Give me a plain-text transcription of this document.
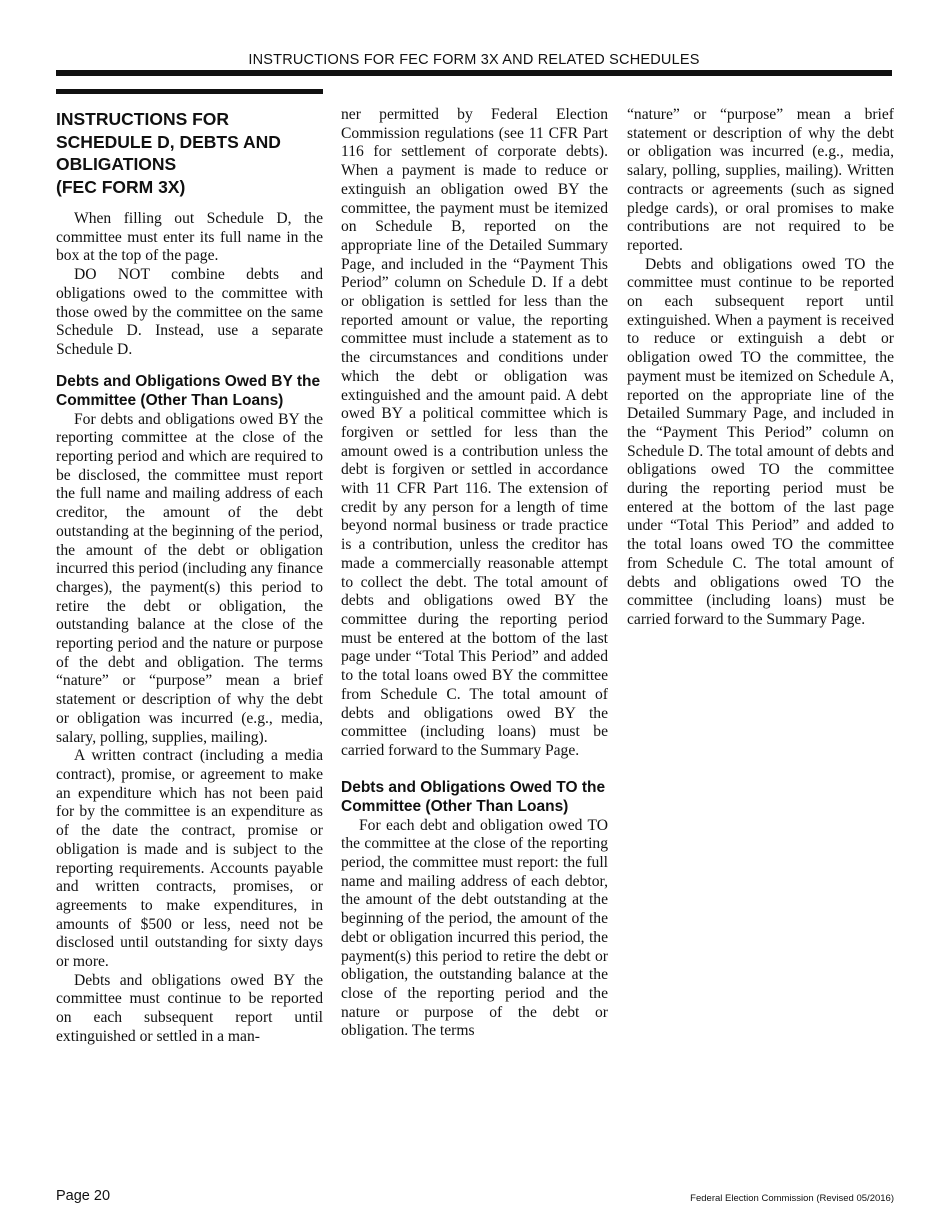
INSTRUCTIONS FOR FEC FORM 3X AND RELATED SCHEDULES
INSTRUCTIONS FOR
SCHEDULE D, DEBTS AND
OBLIGATIONS
(FEC FORM 3X)

When filling out Schedule D, the committee must enter its full name in the box at the top of the page.

DO NOT combine debts and obligations owed to the committee with those owed by the committee on the same Schedule D. Instead, use a separate Schedule D.

Debts and Obligations Owed BY the Committee (Other Than Loans)

For debts and obligations owed BY the reporting committee at the close of the reporting period and which are required to be disclosed, the committee must report the full name and mailing address of each creditor, the amount of the debt outstanding at the beginning of the period, the amount of the debt or obligation incurred this period (including any finance charges), the payment(s) this period to retire the debt or obligation, the outstanding balance at the close of the reporting period and the nature or purpose of the debt and obligation. The terms “nature” or “purpose” mean a brief statement or description of why the debt or obligation was incurred (e.g., media, salary, polling, supplies, mailing).

A written contract (including a media contract), promise, or agreement to make an expenditure which has not been paid for by the committee is an expenditure as of the date the contract, promise or obligation is made and is subject to the reporting requirements. Accounts payable and written contracts, promises, or agreements to make expenditures, in amounts of $500 or less, need not be disclosed until outstanding for sixty days or more.

Debts and obligations owed BY the committee must continue to be reported on each subsequent report until extinguished or settled in a man-

ner permitted by Federal Election Commission regulations (see 11 CFR Part 116 for settlement of corporate debts). When a payment is made to reduce or extinguish an obligation owed BY the committee, the payment must be itemized on Schedule B, reported on the appropriate line of the Detailed Summary Page, and included in the “Payment This Period” column on Schedule D. If a debt or obligation is settled for less than the reported amount or value, the reporting committee must include a statement as to the circumstances and conditions under which the debt or obligation was extinguished and the amount paid. A debt owed BY a political committee which is forgiven or settled for less than the amount owed is a contribution unless the debt is forgiven or settled in accordance with 11 CFR Part 116. The extension of credit by any person for a length of time beyond normal business or trade practice is a contribution, unless the creditor has made a commercially reasonable attempt to collect the debt. The total amount of debts and obligations owed BY the committee during the reporting period must be entered at the bottom of the last page under “Total This Period” and added to the total loans owed BY the committee from Schedule C. The total amount of debts and obligations owed BY the committee (including loans) must be carried forward to the Summary Page.

Debts and Obligations Owed TO the Committee (Other Than Loans)

For each debt and obligation owed TO the committee at the close of the reporting period, the committee must report: the full name and mailing address of each debtor, the amount of the debt outstanding at the beginning of the period, the amount of the debt or obligation incurred this period, the payment(s) this period to retire the debt or obligation, the outstanding balance at the close of the reporting period and the nature or purpose of the debt or obligation. The terms

“nature” or “purpose” mean a brief statement or description of why the debt or obligation was incurred (e.g., media, salary, polling, supplies, mailing). Written contracts or agreements (such as signed pledge cards), or oral promises to make contributions are not required to be reported.

Debts and obligations owed TO the committee must continue to be reported on each subsequent report until extinguished. When a payment is received to reduce or extinguish a debt or obligation owed TO the committee, the payment must be itemized on Schedule A, reported on the appropriate line of the Detailed Summary Page, and included in the “Payment This Period” column on Schedule D. The total amount of debts and obligations owed TO the committee during the reporting period must be entered at the bottom of the last page under “Total This Period” and added to the total loans owed TO the committee from Schedule C. The total amount of debts and obligations owed TO the committee (including loans) must be carried forward to the Summary Page.

Page 20	Federal Election Commission (Revised 05/2016)
